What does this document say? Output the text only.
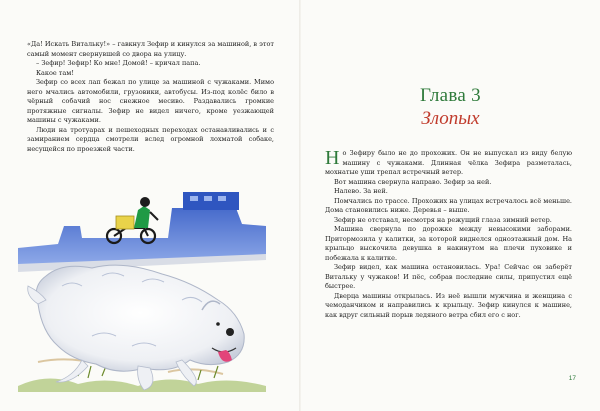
«Да! Искать Витальку!» – гавкнул Зефир и кинулся за машиной, в этот самый момент свернувшей со двора на улицу.

– Зефир! Зефир! Ко мне! Домой! – кричал папа.

Какое там!

Зефир со всех лап бежал по улице за машиной с чужаками. Мимо него мчались автомобили, грузовики, автобусы. Из-под колёс било в чёрный собачий нос снежное месиво. Раздавались громкие протяжные сигналы. Зефир не видел ничего, кроме уезжающей машины с чужаками.

Люди на тротуарах и пешеходных переходах останавливались и с замиранием сердца смотрели вслед огромной лохматой собаке, несущейся по проезжей части.

Глава 3
Злопых

Но Зефиру было не до прохожих. Он не выпускал из виду белую машину с чужаками. Длинная чёлка Зефира разметалась, мохнатые уши трепал встречный ветер.

Вот машина свернула направо. Зефир за ней.

Налево. За ней.

Помчались по трассе. Прохожих на улицах встречалось всё меньше. Дома становились ниже. Деревья – выше.

Зефир не отставал, несмотря на режущий глаза зимний ветер.

Машина свернула по дорожке между невысокими заборами. Притормозила у калитки, за которой виднелся одноэтажный дом. На крыльцо выскочила девушка в накинутом на плечи пуховике и побежала к калитке.

Зефир видел, как машина остановилась. Ура! Сейчас он заберёт Витальку у чужаков! И пёс, собрав последние силы, припустил ещё быстрее.

Дверца машины открылась. Из неё вышли мужчина и женщина с чемоданчиком и направились к крыльцу. Зефир кинулся к машине, как вдруг сильный порыв ледяного ветра сбил его с ног.

17
